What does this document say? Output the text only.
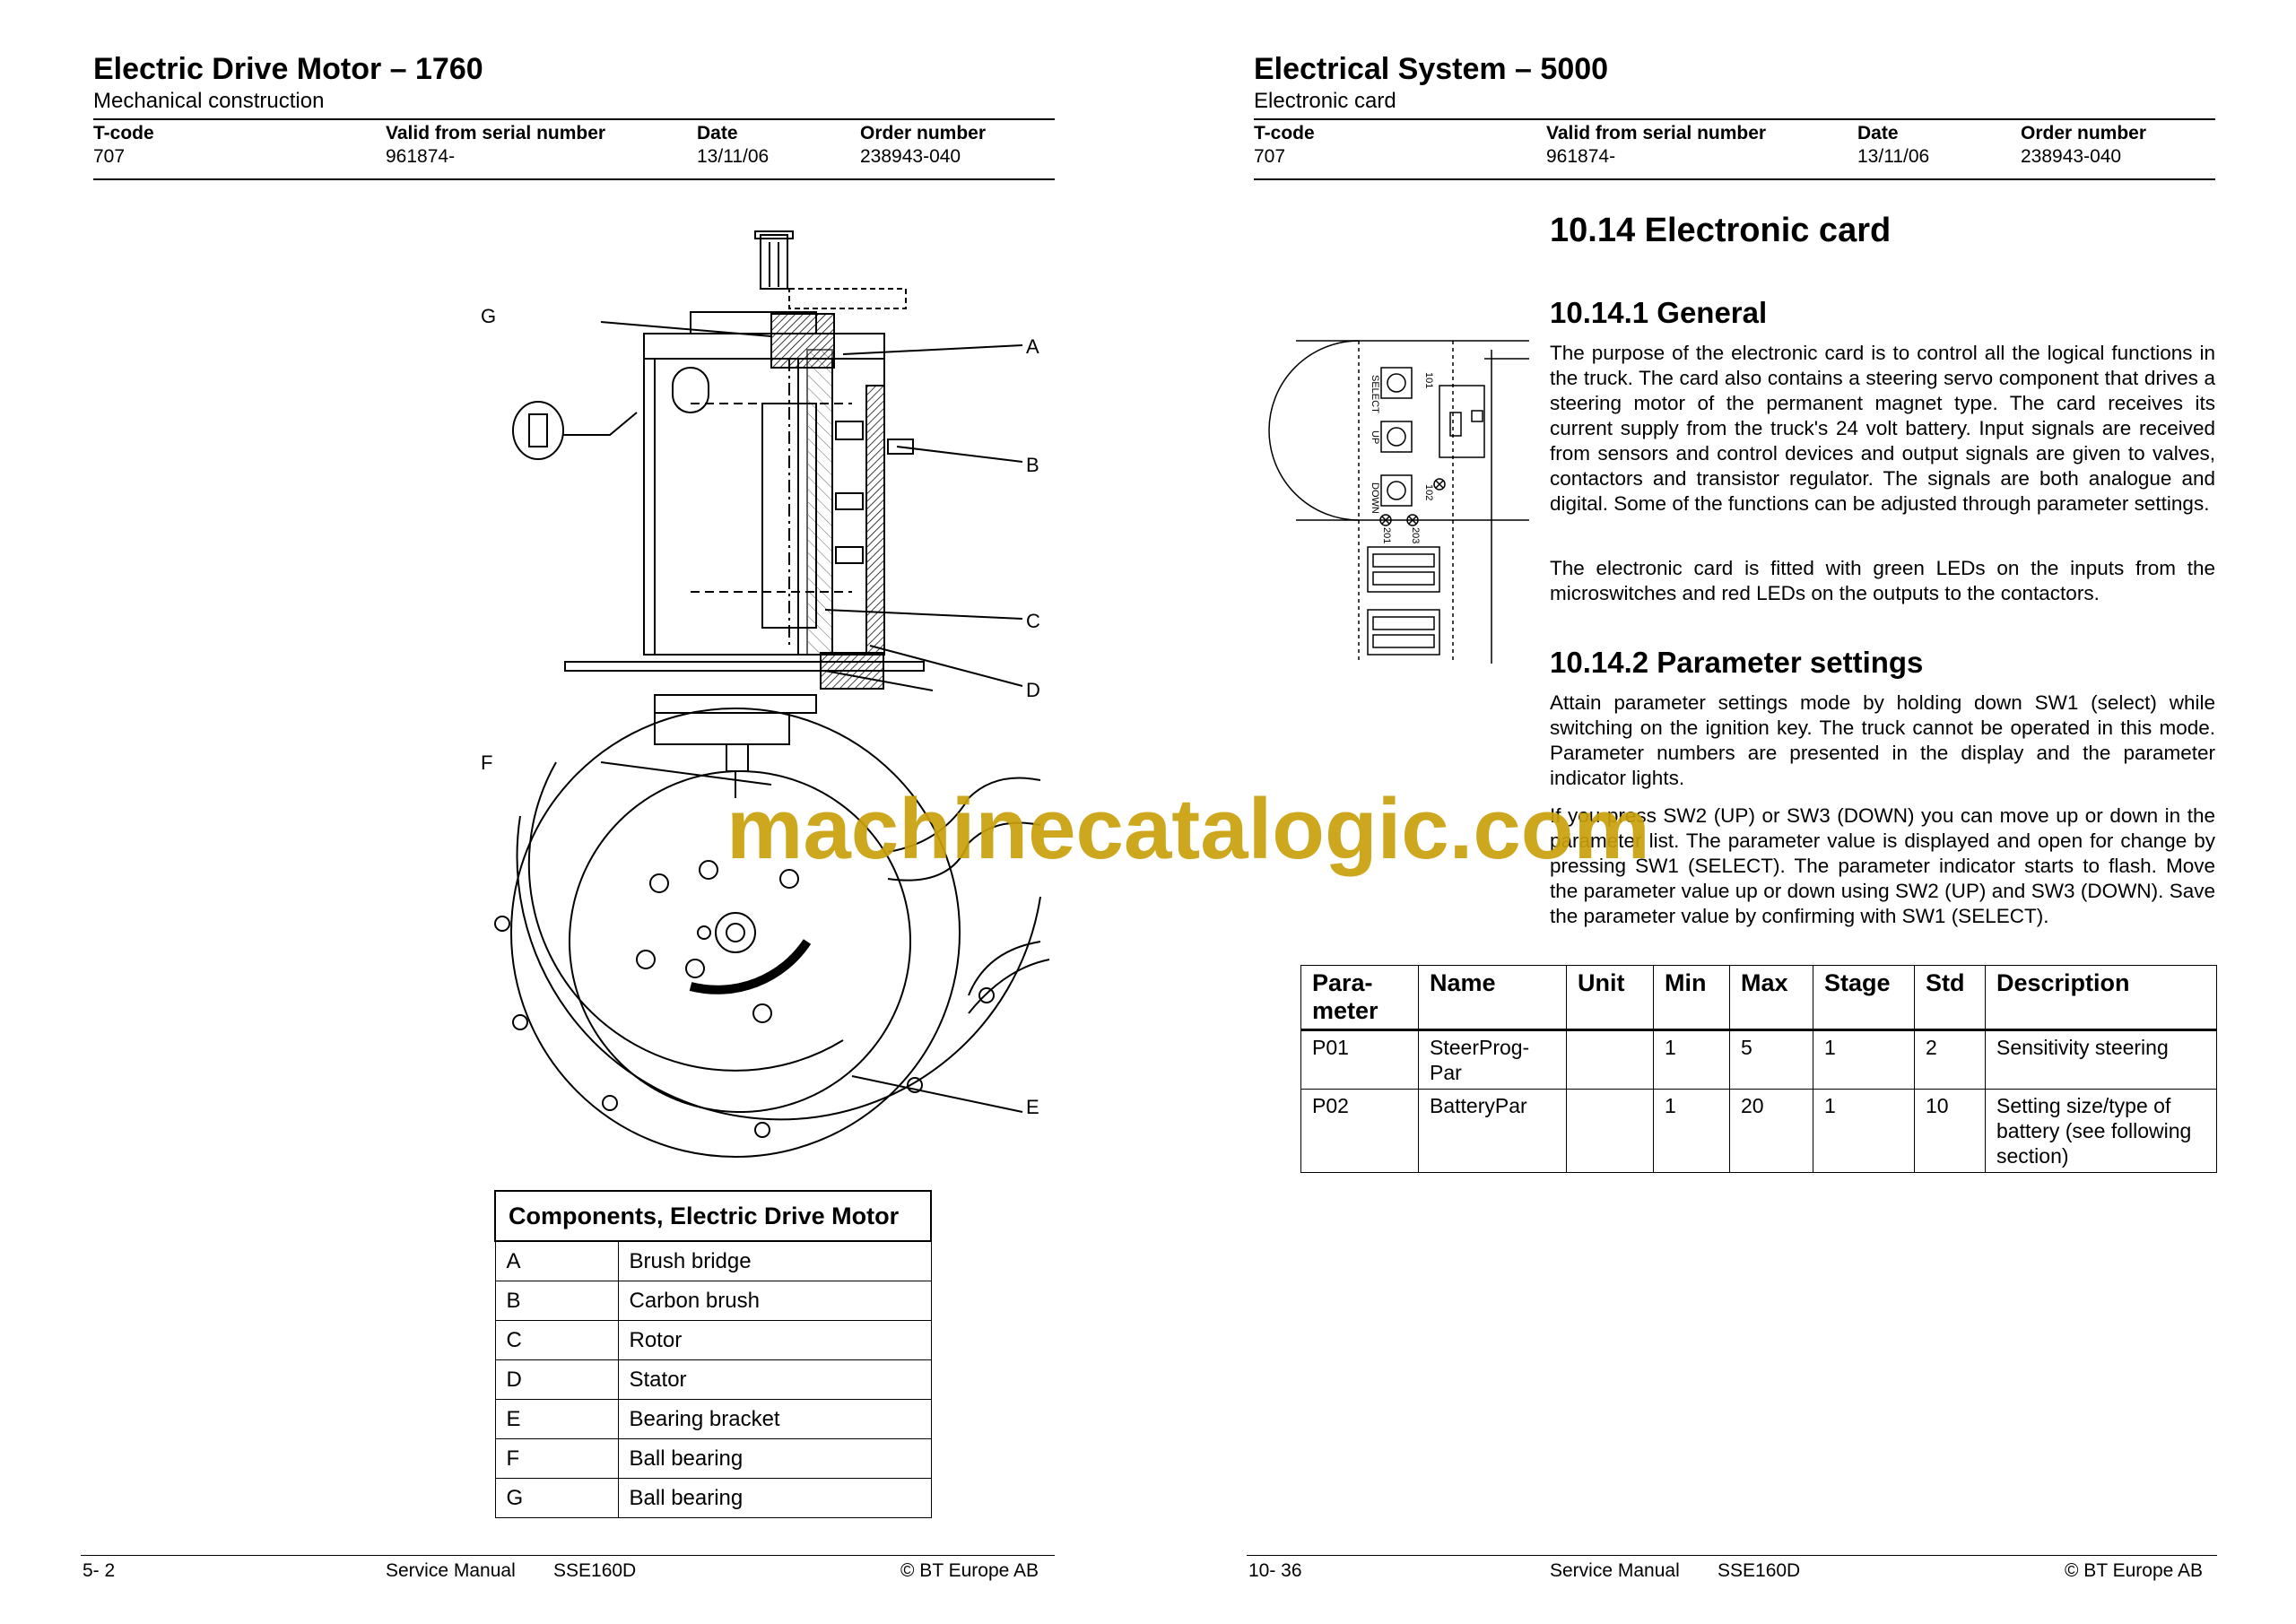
Electric Drive Motor – 1760
Mechanical construction
T-code	Valid from serial number	Date	Order number
707	961874-	13/11/06	238943-040
G
A
B
C
D
F
E
Components, Electric Drive Motor	
A	Brush bridge
B	Carbon brush
C	Rotor
D	Stator
E	Bearing bracket
F	Ball bearing
G	Ball bearing
5- 2	Service Manual SSE160D	© BT Europe AB
Electrical System – 5000
Electronic card
T-code	Valid from serial number	Date	Order number
707	961874-	13/11/06	238943-040
10.14 Electronic card
10.14.1 General
The purpose of the electronic card is to control all the logical functions in the truck. The card also contains a steering servo component that drives a steering motor of the permanent magnet type. The card receives its current supply from the truck's 24 volt battery. Input signals are received from sensors and control devices and output signals are given to valves, contactors and transistor regulator. The signals are both analogue and digital. Some of the functions can be adjusted through parameter settings.
The electronic card is fitted with green LEDs on the inputs from the microswitches and red LEDs on the outputs to the contactors.
SELECT
UP
DOWN
101
102
203
201
10.14.2 Parameter settings
Attain parameter settings mode by holding down SW1 (select) while switching on the ignition key. The truck cannot be operated in this mode. Parameter numbers are presented in the display and the parameter indicator lights.
If you press SW2 (UP) or SW3 (DOWN) you can move up or down in the parameter list. The parameter value is displayed and open for change by pressing SW1 (SELECT). The parameter indicator starts to flash. Move the parameter value up or down using SW2 (UP) and SW3 (DOWN). Save the parameter value by confirming with SW1 (SELECT).
Para-
meter	Name	Unit	Min	Max	Stage	Std	Description
P01	SteerProg-
Par		1	5	1	2	Sensitivity steering
P02	BatteryPar		1	20	1	10	Setting size/type of battery (see following section)
10- 36	Service Manual SSE160D	© BT Europe AB
machinecatalogic.com
